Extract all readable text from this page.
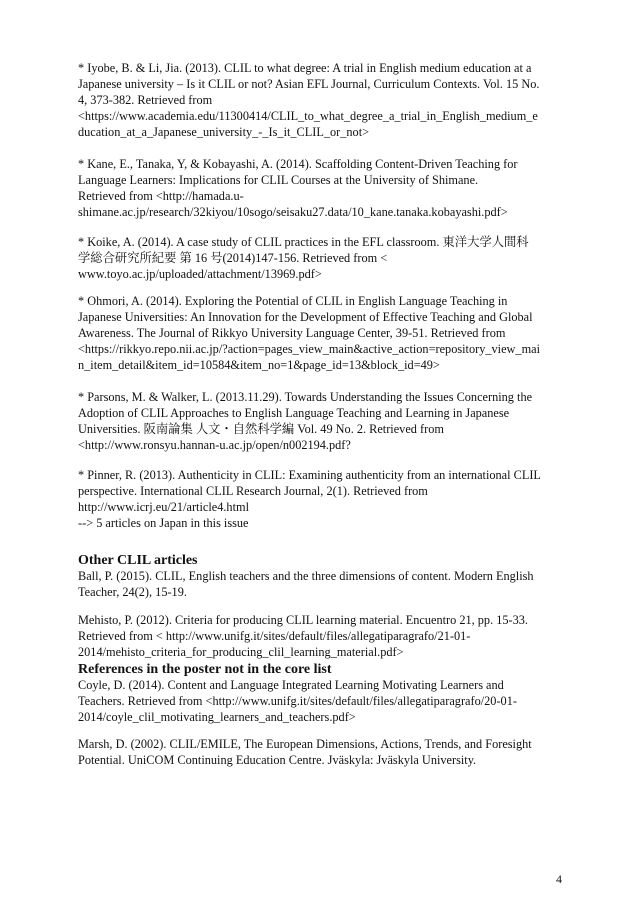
* Iyobe, B. & Li, Jia. (2013). CLIL to what degree: A trial in English medium education at a
Japanese university – Is it CLIL or not? Asian EFL Journal, Curriculum Contexts. Vol. 15 No.
4, 373-382. Retrieved from
<https://www.academia.edu/11300414/CLIL_to_what_degree_a_trial_in_English_medium_e
ducation_at_a_Japanese_university_-_Is_it_CLIL_or_not>
* Kane, E., Tanaka, Y, & Kobayashi, A. (2014). Scaffolding Content-Driven Teaching for
Language Learners: Implications for CLIL Courses at the University of Shimane.
Retrieved from <http://hamada.u-
shimane.ac.jp/research/32kiyou/10sogo/seisaku27.data/10_kane.tanaka.kobayashi.pdf>
* Koike, A. (2014). A case study of CLIL practices in the EFL classroom. 東洋大学人間科
学総合研究所紀要 第 16 号(2014)147-156. Retrieved from <
www.toyo.ac.jp/uploaded/attachment/13969.pdf>
* Ohmori, A. (2014). Exploring the Potential of CLIL in English Language Teaching in
Japanese Universities: An Innovation for the Development of Effective Teaching and Global
Awareness. The Journal of Rikkyo University Language Center, 39-51. Retrieved from
<https://rikkyo.repo.nii.ac.jp/?action=pages_view_main&active_action=repository_view_mai
n_item_detail&item_id=10584&item_no=1&page_id=13&block_id=49>
* Parsons, M. & Walker, L. (2013.11.29). Towards Understanding the Issues Concerning the
Adoption of CLIL Approaches to English Language Teaching and Learning in Japanese
Universities. 阪南論集 人文・自然科学編 Vol. 49 No. 2. Retrieved from
<http://www.ronsyu.hannan-u.ac.jp/open/n002194.pdf?
* Pinner, R. (2013). Authenticity in CLIL: Examining authenticity from an international CLIL
perspective. International CLIL Research Journal, 2(1). Retrieved from
http://www.icrj.eu/21/article4.html
--> 5 articles on Japan in this issue
Other CLIL articles
Ball, P. (2015). CLIL, English teachers and the three dimensions of content. Modern English
Teacher, 24(2), 15-19.
Mehisto, P. (2012). Criteria for producing CLIL learning material. Encuentro 21, pp. 15-33.
Retrieved from < http://www.unifg.it/sites/default/files/allegatiparagrafo/21-01-
2014/mehisto_criteria_for_producing_clil_learning_material.pdf>
References in the poster not in the core list
Coyle, D. (2014). Content and Language Integrated Learning Motivating Learners and
Teachers. Retrieved from <http://www.unifg.it/sites/default/files/allegatiparagrafo/20-01-
2014/coyle_clil_motivating_learners_and_teachers.pdf>
Marsh, D. (2002). CLIL/EMILE, The European Dimensions, Actions, Trends, and Foresight
Potential. UniCOM Continuing Education Centre. Jväskyla: Jväskyla University.
4
